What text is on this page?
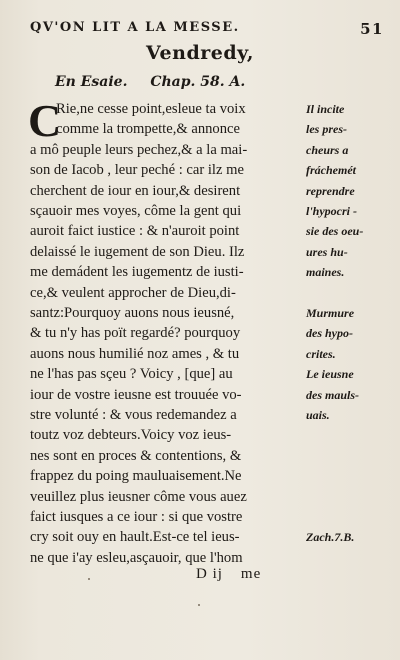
QV'ON LIT A LA MESSE.	51
Vendredy,
En Esaie. Chap. 58. A.
C
Rie,ne cesse point,esleue ta voix	Il incite
comme la trompette,& annonce	les pres-
a mô peuple leurs pechez,& a la mai-	cheurs a
son de Iacob , leur peché : car ilz me	fráchemét
cherchent de iour en iour,& desirent	reprendre
sçauoir mes voyes, côme la gent qui	l'hypocri -
auroit faict iustice : & n'auroit point	sie des oeu-
delaissé le iugement de son Dieu. Ilz	ures hu-
me demádent les iugementz de iusti-	maines.
ce,& veulent approcher de Dieu,di-
santz:Pourquoy auons nous ieusné,	Murmure
& tu n'y has poït regardé? pourquoy	des hypo-
auons nous humilié noz ames , & tu	crites.
ne l'has pas sçeu ? Voicy , [que] au	Le ieusne
iour de vostre ieusne est trouuée vo-	des mauls-
stre volunté : & vous redemandez a	uais.
toutz voz debteurs.Voicy voz ieus-
nes sont en proces & contentions, &
frappez du poing mauluaisement.Ne
veuillez plus ieusner côme vous auez
faict iusques a ce iour : si que vostre
cry soit ouy en hault.Est-ce tel ieus-	Zach.7.B.
ne que i'ay esleu,asçauoir, que l'hom
D ij me
